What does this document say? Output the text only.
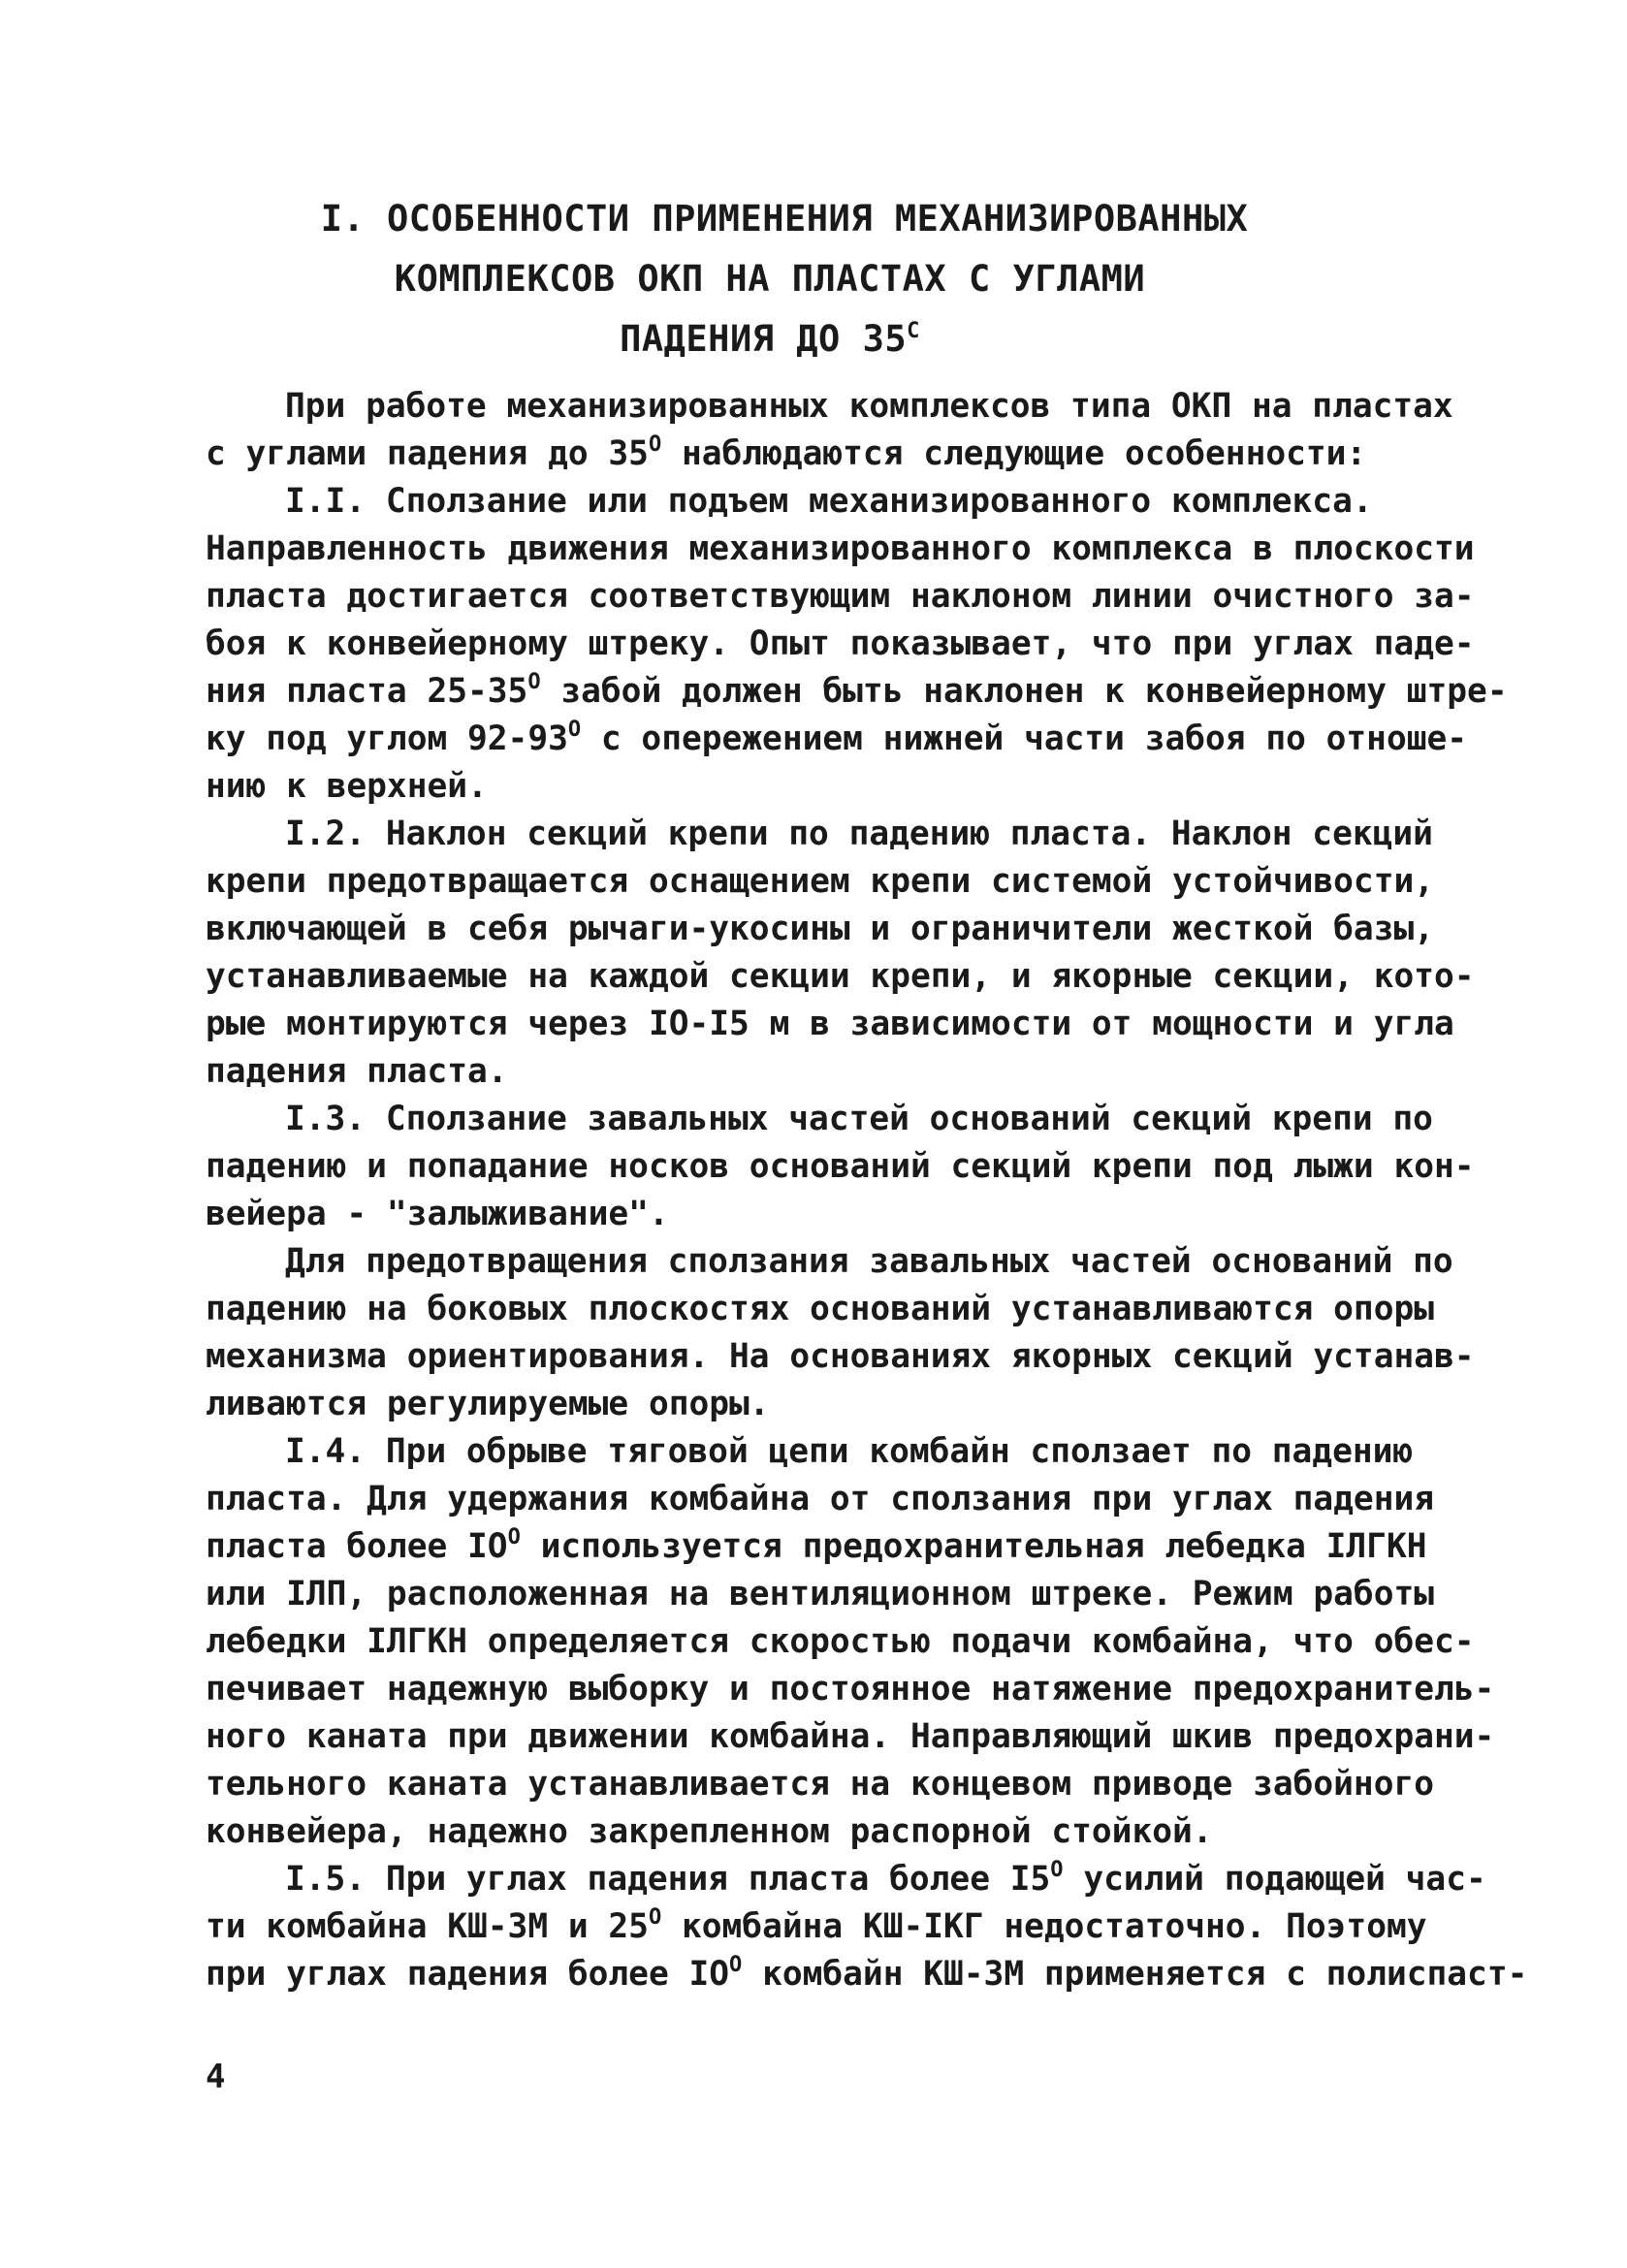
I. ОСОБЕННОСТИ ПРИМЕНЕНИЯ МЕХАНИЗИРОВАННЫХ
КОМПЛЕКСОВ ОКП НА ПЛАСТАХ С УГЛАМИ
ПАДЕНИЯ ДО $35^С$
При работе механизированных комплексов типа ОКП на пластах
с углами падения до $35^О$ наблюдаются следующие особенности:
I.I. Сползание или подъем механизированного комплекса.
Направленность движения механизированного комплекса в плоскости
пласта достигается соответствующим наклоном линии очистного за-
боя к конвейерному штреку. Опыт показывает, что при углах паде-
ния пласта $25-35^О$ забой должен быть наклонен к конвейерному штре-
ку под углом $92-93^О$ с опережением нижней части забоя по отноше-
нию к верхней.
I.2. Наклон секций крепи по падению пласта. Наклон секций
крепи предотвращается оснащением крепи системой устойчивости,
включающей в себя рычаги-укосины и ограничители жесткой базы,
устанавливаемые на каждой секции крепи, и якорные секции, кото-
рые монтируются через IO-I5 м в зависимости от мощности и угла
падения пласта.
I.3. Сползание завальных частей оснований секций крепи по
падению и попадание носков оснований секций крепи под лыжи кон-
вейера - "залыживание".
Для предотвращения сползания завальных частей оснований по
падению на боковых плоскостях оснований устанавливаются опоры
механизма ориентирования. На основаниях якорных секций устанав-
ливаются регулируемые опоры.
I.4. При обрыве тяговой цепи комбайн сползает по падению
пласта. Для удержания комбайна от сползания при углах падения
пласта более $IO^О$ используется предохранительная лебедка IЛГКН
или IЛП, расположенная на вентиляционном штреке. Режим работы
лебедки IЛГКН определяется скоростью подачи комбайна, что обес-
печивает надежную выборку и постоянное натяжение предохранитель-
ного каната при движении комбайна. Направляющий шкив предохрани-
тельного каната устанавливается на концевом приводе забойного
конвейера, надежно закрепленном распорной стойкой.
I.5. При углах падения пласта более $I5^О$ усилий подающей час-
ти комбайна КШ-3М и $25^О$ комбайна КШ-IКГ недостаточно. Поэтому
при углах падения более $IO^О$ комбайн КШ-3М применяется с полиспаст-
4
